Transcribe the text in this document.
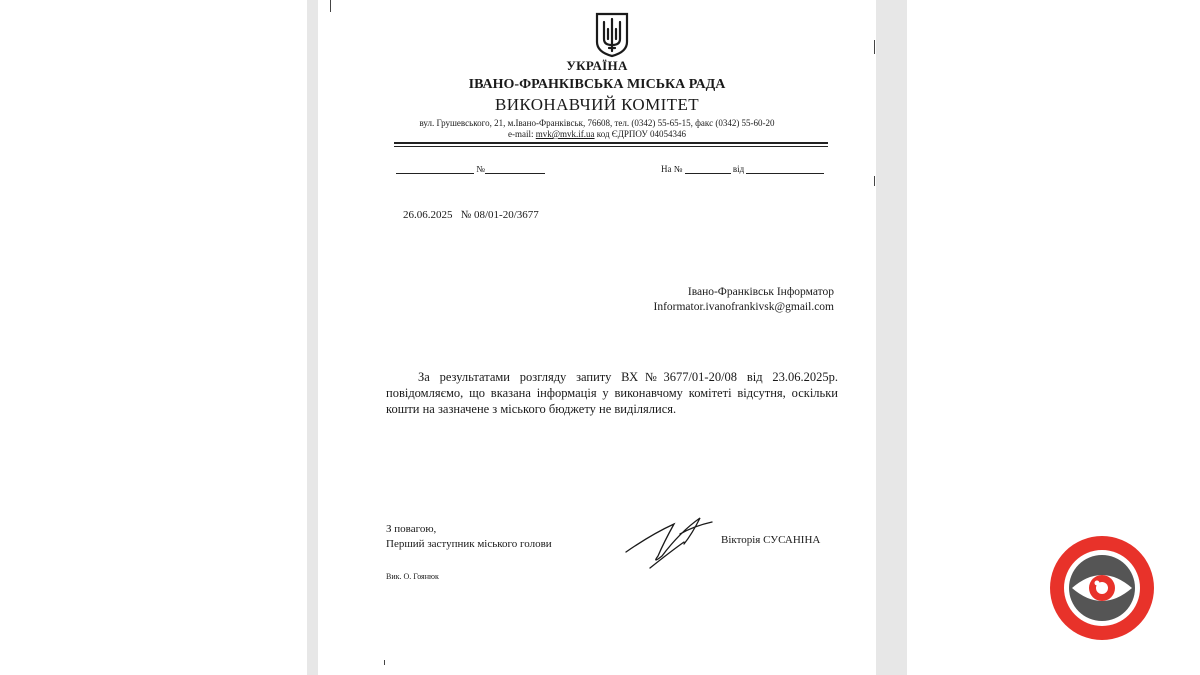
УКРАЇНА
ІВАНО-ФРАНКІВСЬКА МІСЬКА РАДА
ВИКОНАВЧИЙ КОМІТЕТ
вул. Грушевського, 21, м.Івано-Франківськ, 76608, тел. (0342) 55-65-15, факс (0342) 55-60-20
e-mail: mvk@mvk.if.ua код ЄДРПОУ 04054346
№	На №	від
26.06.2025 № 08/01-20/3677
Івано-Франківськ Інформатор
Informator.ivanofrankivsk@gmail.com

За результатами розгляду запиту ВХ№3677/01-20/08 від 23.06.2025р. повідомляємо, що вказана інформація у виконавчому комітеті відсутня, оскільки кошти на зазначене з міського бюджету не виділялися.

З повагою,
Перший заступник міського голови	Вікторія СУСАНІНА
Вик. О. Гоянюк
